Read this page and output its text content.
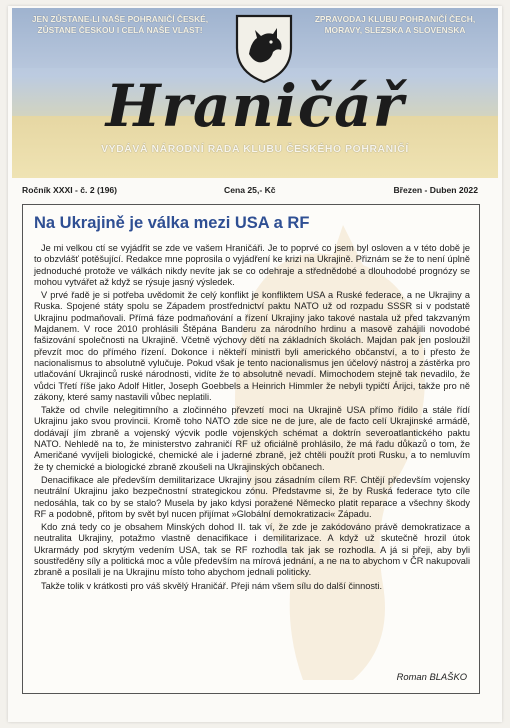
JEN ZŮSTANE-LI NAŠE POHRANIČÍ ČESKÉ,
ZŮSTANE ČESKOU I CELÁ NAŠE VLAST!
ZPRAVODAJ KLUBU POHRANIČÍ ČECH,
MORAVY, SLEZSKA A SLOVENSKA
Hraničář
VYDÁVÁ NÁRODNÍ RADA KLUBU ČESKÉHO POHRANIČÍ
Ročník XXXI - č. 2 (196)	Cena 25,- Kč	Březen - Duben 2022
Na Ukrajině je válka mezi USA a RF

Je mi velkou ctí se vyjádřit se zde ve vašem Hraničáři. Je to poprvé co jsem byl osloven a v této době je to obzvlášť potěšující. Redakce mne poprosila o vyjádření ke krizi na Ukrajině. Přiznám se že to není úplně jednoduché protože ve válkách nikdy nevíte jak se co odehraje a střednědobé a dlouhodobé prognózy se mohou vytvářet až když se rýsuje jasný výsledek.

V prvé řadě je si potřeba uvědomit že celý konflikt je konfliktem USA a Ruské federace, a ne Ukrajiny a Ruska. Spojené státy spolu se Západem prostřednictví paktu NATO už od rozpadu SSSR si v podstatě Ukrajinu podmaňovali. Přímá fáze podmaňování a řízení Ukrajiny jako takové nastala už před takzvaným Majdanem. V roce 2010 prohlásili Štěpána Banderu za národního hrdinu a masově zahájili novodobé fašizování společnosti na Ukrajině. Včetně výchovy dětí na základních školách. Majdan pak jen posloužil převzít moc do přímého řízení. Dokonce i někteří ministři byli amerického občanství, a to i přesto že nacionalismus to absolutně vylučuje. Pokud však je tento nacionalismus jen účelový nástroj a zástěrka pro utlačování Ukrajinců ruské národnosti, vidíte že to absolutně nevadí. Mimochodem stejně tak nevadilo, že vůdci Třetí říše jako Adolf Hitler, Joseph Goebbels a Heinrich Himmler že nebyli typičtí Árijci, takže pro ně zákony, které samy nastavili vůbec neplatili.

Takže od chvíle nelegitimního a zločinného převzetí moci na Ukrajině USA přímo řídilo a stále řídí Ukrajinu jako svou provincii. Kromě toho NATO zde sice ne de jure, ale de facto celí Ukrajinské armádě, dodávají jím zbraně a vojenský výcvik podle vojenských schémat a doktrín severoatlantického paktu NATO. Nehledě na to, že ministerstvo zahraničí RF už oficiálně prohlásilo, že má řadu důkazů o tom, že Američané vyvíjeli biologické, chemické ale i jaderné zbraně, jež chtěli použít proti Rusku, a to nemluvím že ty chemické a biologické zbraně zkoušeli na Ukrajinských občanech.

Denacifikace ale především demilitarizace Ukrajiny jsou zásadním cílem RF. Chtějí především vojensky neutrální Ukrajinu jako bezpečnostní strategickou zónu. Představme si, že by Ruská federace tyto cíle nedosáhla, tak co by se stalo? Musela by jako kdysi poražené Německo platit reparace a všechny škody RF a podobně, přitom by svět byl nucen přijímat »Globální demokratizaci« Západu.

Kdo zná tedy co je obsahem Minských dohod II. tak ví, že zde je zakódováno právě demokratizace a neutralita Ukrajiny, potažmo vlastně denacifikace i demilitarizace. A když už skutečně hrozil útok Ukrarmády pod skrytým vedením USA, tak se RF rozhodla tak jak se rozhodla. A já si přeji, aby byli soustředěny síly a politická moc a vůle především na mírová jednání, a ne na to abychom v ČR nakupovali zbraně a posílali je na Ukrajinu místo toho abychom jednali politicky.

Takže tolik v krátkosti pro váš skvělý Hraničář. Přeji nám všem sílu do další činnosti.

Roman BLAŠKO
